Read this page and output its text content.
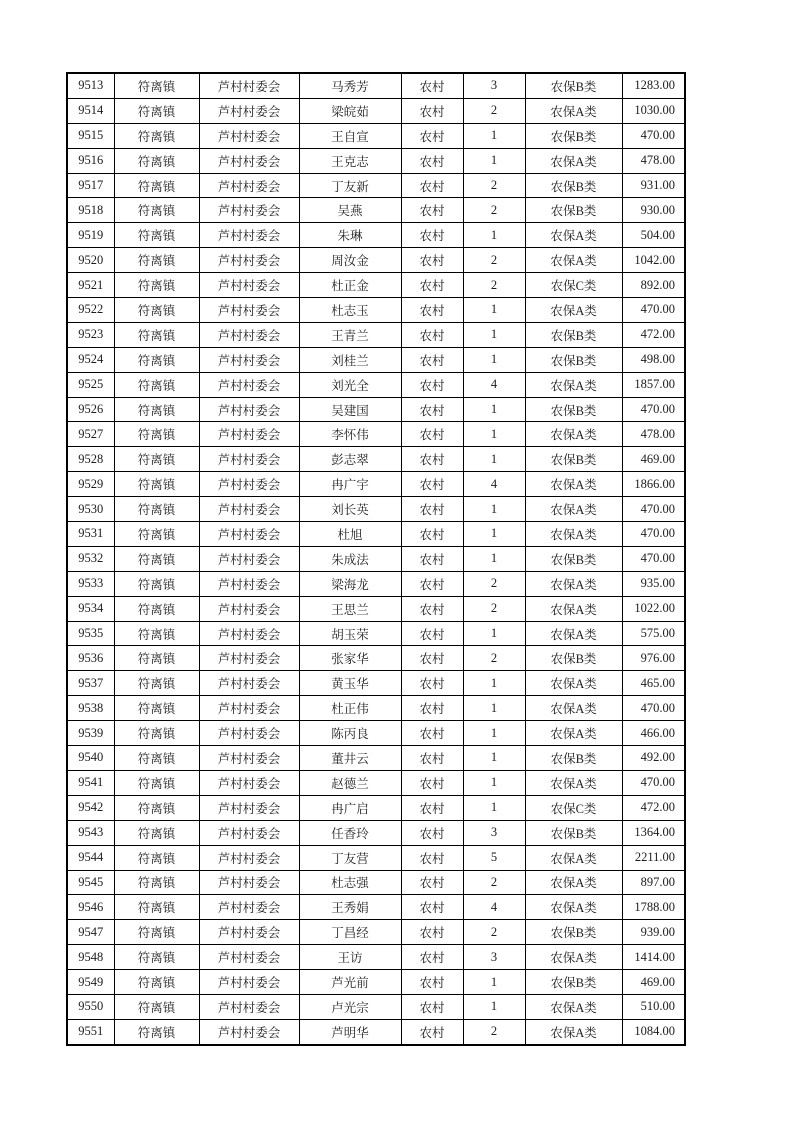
9513	符离镇	芦村村委会	马秀芳	农村	3	农保B类	1283.00
9514	符离镇	芦村村委会	梁皖茹	农村	2	农保A类	1030.00
9515	符离镇	芦村村委会	王自宣	农村	1	农保B类	470.00
9516	符离镇	芦村村委会	王克志	农村	1	农保A类	478.00
9517	符离镇	芦村村委会	丁友新	农村	2	农保B类	931.00
9518	符离镇	芦村村委会	吴燕	农村	2	农保B类	930.00
9519	符离镇	芦村村委会	朱琳	农村	1	农保A类	504.00
9520	符离镇	芦村村委会	周汝金	农村	2	农保A类	1042.00
9521	符离镇	芦村村委会	杜正金	农村	2	农保C类	892.00
9522	符离镇	芦村村委会	杜志玉	农村	1	农保A类	470.00
9523	符离镇	芦村村委会	王青兰	农村	1	农保B类	472.00
9524	符离镇	芦村村委会	刘桂兰	农村	1	农保B类	498.00
9525	符离镇	芦村村委会	刘光全	农村	4	农保A类	1857.00
9526	符离镇	芦村村委会	吴建国	农村	1	农保B类	470.00
9527	符离镇	芦村村委会	李怀伟	农村	1	农保A类	478.00
9528	符离镇	芦村村委会	彭志翠	农村	1	农保B类	469.00
9529	符离镇	芦村村委会	冉广宇	农村	4	农保A类	1866.00
9530	符离镇	芦村村委会	刘长英	农村	1	农保A类	470.00
9531	符离镇	芦村村委会	杜旭	农村	1	农保A类	470.00
9532	符离镇	芦村村委会	朱成法	农村	1	农保B类	470.00
9533	符离镇	芦村村委会	梁海龙	农村	2	农保A类	935.00
9534	符离镇	芦村村委会	王思兰	农村	2	农保A类	1022.00
9535	符离镇	芦村村委会	胡玉荣	农村	1	农保A类	575.00
9536	符离镇	芦村村委会	张家华	农村	2	农保B类	976.00
9537	符离镇	芦村村委会	黄玉华	农村	1	农保A类	465.00
9538	符离镇	芦村村委会	杜正伟	农村	1	农保A类	470.00
9539	符离镇	芦村村委会	陈丙良	农村	1	农保A类	466.00
9540	符离镇	芦村村委会	董井云	农村	1	农保B类	492.00
9541	符离镇	芦村村委会	赵德兰	农村	1	农保A类	470.00
9542	符离镇	芦村村委会	冉广启	农村	1	农保C类	472.00
9543	符离镇	芦村村委会	任香玲	农村	3	农保B类	1364.00
9544	符离镇	芦村村委会	丁友营	农村	5	农保A类	2211.00
9545	符离镇	芦村村委会	杜志强	农村	2	农保A类	897.00
9546	符离镇	芦村村委会	王秀娟	农村	4	农保A类	1788.00
9547	符离镇	芦村村委会	丁昌经	农村	2	农保B类	939.00
9548	符离镇	芦村村委会	王访	农村	3	农保A类	1414.00
9549	符离镇	芦村村委会	芦光前	农村	1	农保B类	469.00
9550	符离镇	芦村村委会	卢光宗	农村	1	农保A类	510.00
9551	符离镇	芦村村委会	芦明华	农村	2	农保A类	1084.00
